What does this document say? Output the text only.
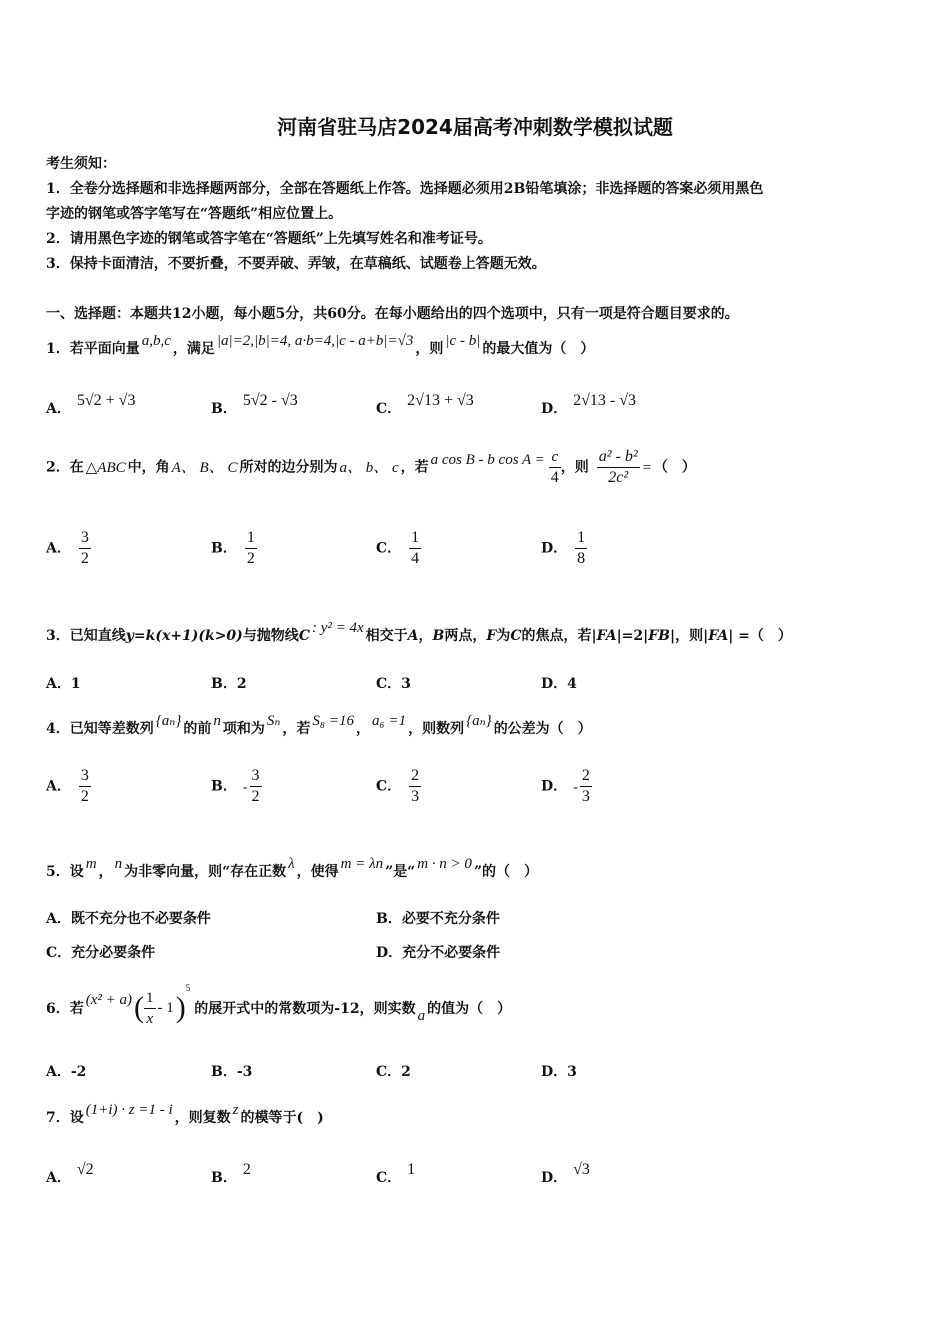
河南省驻马店2024届高考冲刺数学模拟试题
考生须知：
1．全卷分选择题和非选择题两部分，全部在答题纸上作答。选择题必须用2B铅笔填涂；非选择题的答案必须用黑色
字迹的钢笔或答字笔写在“答题纸”相应位置上。
2．请用黑色字迹的钢笔或答字笔在“答题纸”上先填写姓名和准考证号。
3．保持卡面清洁，不要折叠，不要弄破、弄皱，在草稿纸、试题卷上答题无效。
一、选择题：本题共12小题，每小题5分，共60分。在每小题给出的四个选项中，只有一项是符合题目要求的。
1．若平面向量 a,b,c ，满足 |a|=2,|b|=4, a·b=4,|c - a+b|=√3 ，则 |c - b| 的最大值为（　）
A． 5√2 + √3	B． 5√2 - √3	C． 2√13 + √3	D． 2√13 - √3
2．在 △ABC 中，角 A、 B、 C 所对的边分别为 a、 b、 c ，若 a cos B - b $\cos A = \frac{c}{4}$ ，则 $\frac{\text{a² - b²}}{\text{2c²}}$ = （　）
A． $\frac{3}{2}$	B． $\frac{1}{2}$	C． $\frac{1}{4}$	D． $\frac{1}{8}$
3．已知直线y=k(x+1)(k>0)与抛物线C : y² = 4x 相交于A，B两点，F为C的焦点，若|FA|=2|FB|，则|FA| =（　）
A．1	B．2	C．3	D．4
4．已知等差数列 {aₙ} 的前 n 项和为 Sₙ ，若 S₈ =16 ， a₆ =1 ，则数列 {aₙ} 的公差为（　）
A． $\frac{3}{2}$	B． - $\frac{3}{2}$	C． $\frac{2}{3}$	D． - $\frac{2}{3}$
5．设 m ， n 为非零向量，则“存在正数 λ ，使得 m = λn ”是“ m · n > 0 ”的（　）
A．既不充分也不必要条件	B．必要不充分条件
C．充分必要条件	D．充分不必要条件
6．若
(x² + a) ( $\frac{1}{x} - 1$ )
5
的展开式中的常数项为-12，则实数 a 的值为（　）
A．-2	B．-3	C．2	D．3
7．设 (1+i) · z =1 - i ，则复数 z 的模等于(　)
A． √2	B． 2	C． 1	D． √3
